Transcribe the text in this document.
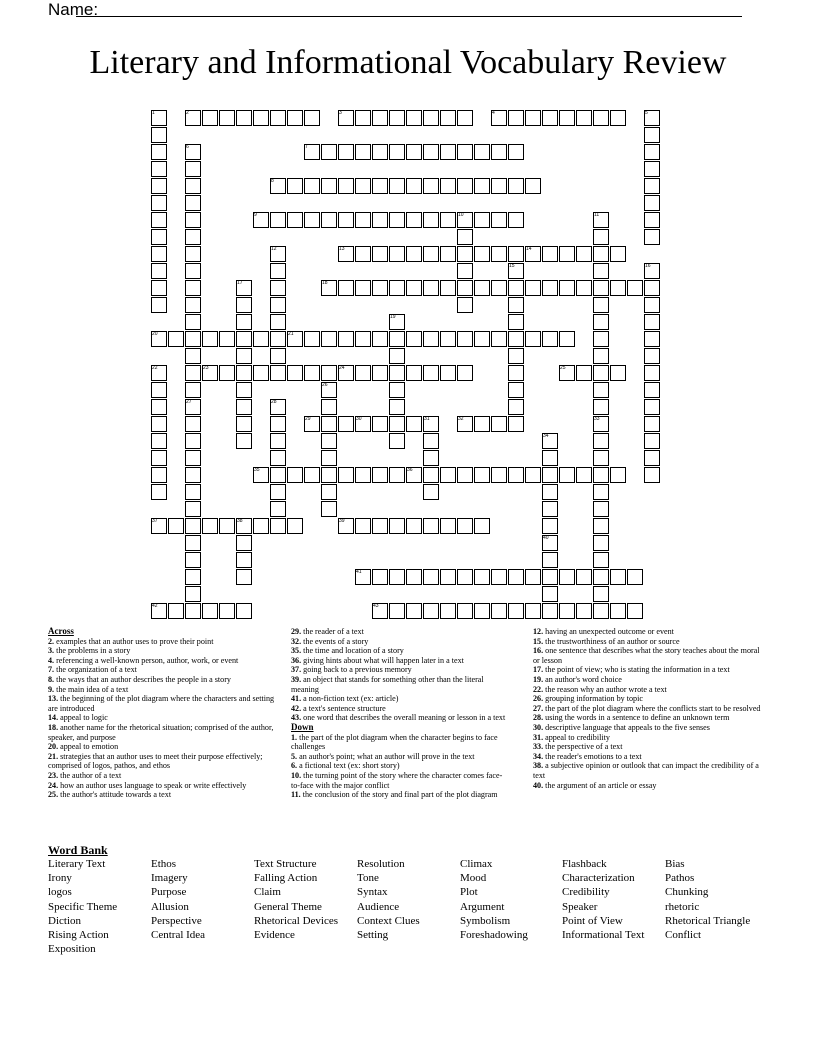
Name:
Literary and Informational Vocabulary Review
1	2	3	4	5
6	7
8
9	10	11
12	13	14
15	16
17	18
19
20	21
22	23	24	25
26
27	28
29	30	31	32	33
34
35	36
37	38	39
40
41
42	43
Across
2. examples that an author uses to prove their point
3. the problems in a story
4. referencing a well-known person, author, work, or event
7. the organization of a text
8. the ways that an author describes the people in a story
9. the main idea of a text
13. the beginning of the plot diagram where the characters and setting are introduced
14. appeal to logic
18. another name for the rhetorical situation; comprised of the author, speaker, and purpose
20. appeal to emotion
21. strategies that an author uses to meet their purpose effectively; comprised of logos, pathos, and ethos
23. the author of a text
24. how an author uses language to speak or write effectively
25. the author's attitude towards a text
29. the reader of a text
32. the events of a story
35. the time and location of a story
36. giving hints about what will happen later in a text
37. going back to a previous memory
39. an object that stands for something other than the literal meaning
41. a non-fiction text (ex: article)
42. a text's sentence structure
43. one word that describes the overall meaning or lesson in a text
Down
1. the part of the plot diagram when the character begins to face challenges
5. an author's point; what an author will prove in the text
6. a fictional text (ex: short story)
10. the turning point of the story where the character comes face-to-face with the major conflict
11. the conclusion of the story and final part of the plot diagram
12. having an unexpected outcome or event
15. the trustworthiness of an author or source
16. one sentence that describes what the story teaches about the moral or lesson
17. the point of view; who is stating the information in a text
19. an author's word choice
22. the reason why an author wrote a text
26. grouping information by topic
27. the part of the plot diagram where the conflicts start to be resolved
28. using the words in a sentence to define an unknown term
30. descriptive language that appeals to the five senses
31. appeal to credibility
33. the perspective of a text
34. the reader's emotions to a text
38. a subjective opinion or outlook that can impact the credibility of a text
40. the argument of an article or essay
Word Bank
Literary Text
Irony
logos
Specific Theme
Diction
Rising Action
Exposition
Ethos
Imagery
Purpose
Allusion
Perspective
Central Idea
Text Structure
Falling Action
Claim
General Theme
Rhetorical Devices
Evidence
Resolution
Tone
Syntax
Audience
Context Clues
Setting
Climax
Mood
Plot
Argument
Symbolism
Foreshadowing
Flashback
Characterization
Credibility
Speaker
Point of View
Informational Text
Bias
Pathos
Chunking
rhetoric
Rhetorical Triangle
Conflict
